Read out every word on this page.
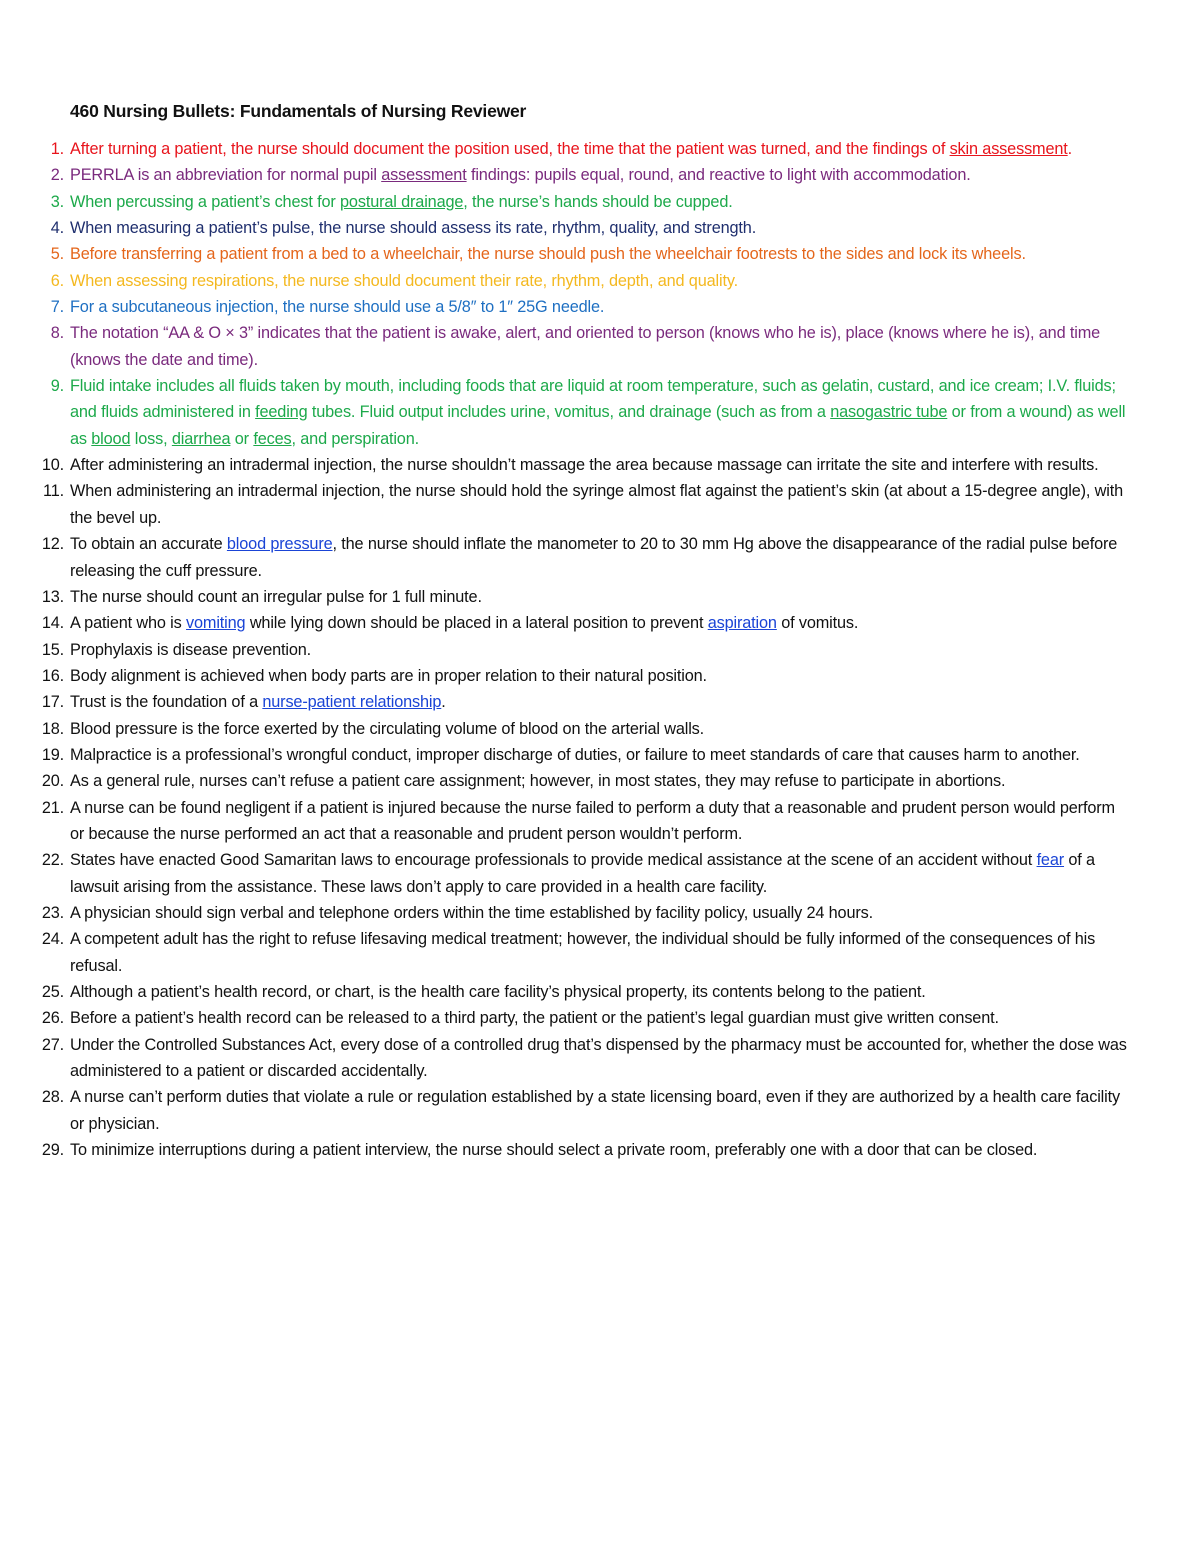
460 Nursing Bullets: Fundamentals of Nursing Reviewer
1. After turning a patient, the nurse should document the position used, the time that the patient was turned, and the findings of skin assessment.
2. PERRLA is an abbreviation for normal pupil assessment findings: pupils equal, round, and reactive to light with accommodation.
3. When percussing a patient’s chest for postural drainage, the nurse’s hands should be cupped.
4. When measuring a patient’s pulse, the nurse should assess its rate, rhythm, quality, and strength.
5. Before transferring a patient from a bed to a wheelchair, the nurse should push the wheelchair footrests to the sides and lock its wheels.
6. When assessing respirations, the nurse should document their rate, rhythm, depth, and quality.
7. For a subcutaneous injection, the nurse should use a 5/8″ to 1″ 25G needle.
8. The notation “AA & O × 3” indicates that the patient is awake, alert, and oriented to person (knows who he is), place (knows where he is), and time (knows the date and time).
9. Fluid intake includes all fluids taken by mouth, including foods that are liquid at room temperature, such as gelatin, custard, and ice cream; I.V. fluids; and fluids administered in feeding tubes. Fluid output includes urine, vomitus, and drainage (such as from a nasogastric tube or from a wound) as well as blood loss, diarrhea or feces, and perspiration.
10. After administering an intradermal injection, the nurse shouldn’t massage the area because massage can irritate the site and interfere with results.
11. When administering an intradermal injection, the nurse should hold the syringe almost flat against the patient’s skin (at about a 15-degree angle), with the bevel up.
12. To obtain an accurate blood pressure, the nurse should inflate the manometer to 20 to 30 mm Hg above the disappearance of the radial pulse before releasing the cuff pressure.
13. The nurse should count an irregular pulse for 1 full minute.
14. A patient who is vomiting while lying down should be placed in a lateral position to prevent aspiration of vomitus.
15. Prophylaxis is disease prevention.
16. Body alignment is achieved when body parts are in proper relation to their natural position.
17. Trust is the foundation of a nurse-patient relationship.
18. Blood pressure is the force exerted by the circulating volume of blood on the arterial walls.
19. Malpractice is a professional’s wrongful conduct, improper discharge of duties, or failure to meet standards of care that causes harm to another.
20. As a general rule, nurses can’t refuse a patient care assignment; however, in most states, they may refuse to participate in abortions.
21. A nurse can be found negligent if a patient is injured because the nurse failed to perform a duty that a reasonable and prudent person would perform or because the nurse performed an act that a reasonable and prudent person wouldn’t perform.
22. States have enacted Good Samaritan laws to encourage professionals to provide medical assistance at the scene of an accident without fear of a lawsuit arising from the assistance. These laws don’t apply to care provided in a health care facility.
23. A physician should sign verbal and telephone orders within the time established by facility policy, usually 24 hours.
24. A competent adult has the right to refuse lifesaving medical treatment; however, the individual should be fully informed of the consequences of his refusal.
25. Although a patient’s health record, or chart, is the health care facility’s physical property, its contents belong to the patient.
26. Before a patient’s health record can be released to a third party, the patient or the patient’s legal guardian must give written consent.
27. Under the Controlled Substances Act, every dose of a controlled drug that’s dispensed by the pharmacy must be accounted for, whether the dose was administered to a patient or discarded accidentally.
28. A nurse can’t perform duties that violate a rule or regulation established by a state licensing board, even if they are authorized by a health care facility or physician.
29. To minimize interruptions during a patient interview, the nurse should select a private room, preferably one with a door that can be closed.
